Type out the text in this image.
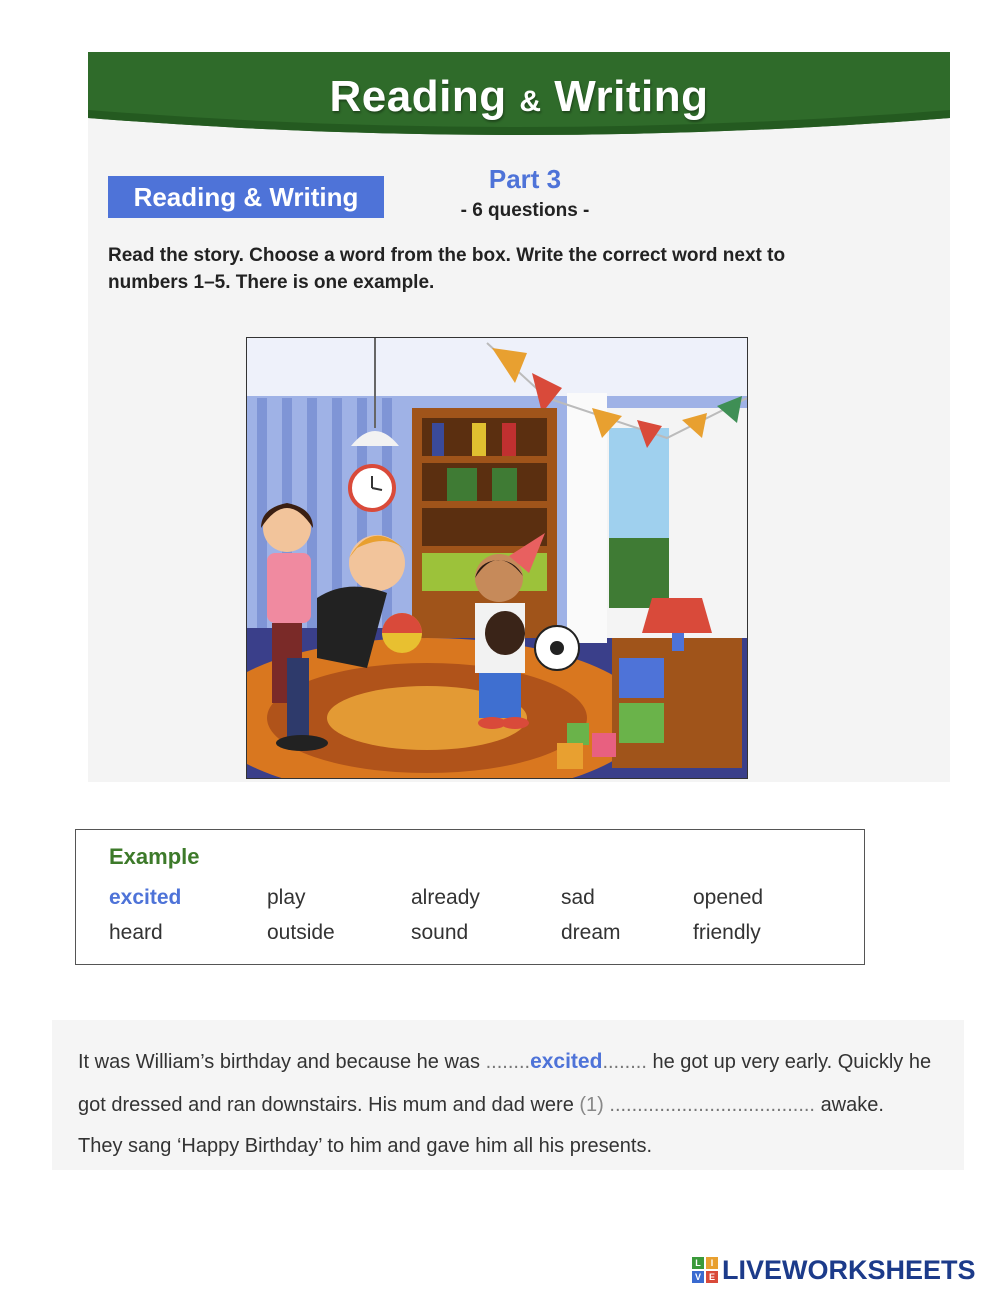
Reading & Writing
Reading & Writing
Part 3
- 6 questions -
Read the story. Choose a word from the box. Write the correct word next to
numbers 1–5. There is one example.
Example
excited	play	already	sad	opened
heard	outside	sound	dream	friendly
It was William’s birthday and because he was ........excited........ he got up very early. Quickly he
got dressed and ran downstairs. His mum and dad were (1) ..................................... awake.
They sang ‘Happy Birthday’ to him and gave him all his presents.
L	I
V E LIVEWORKSHEETS
